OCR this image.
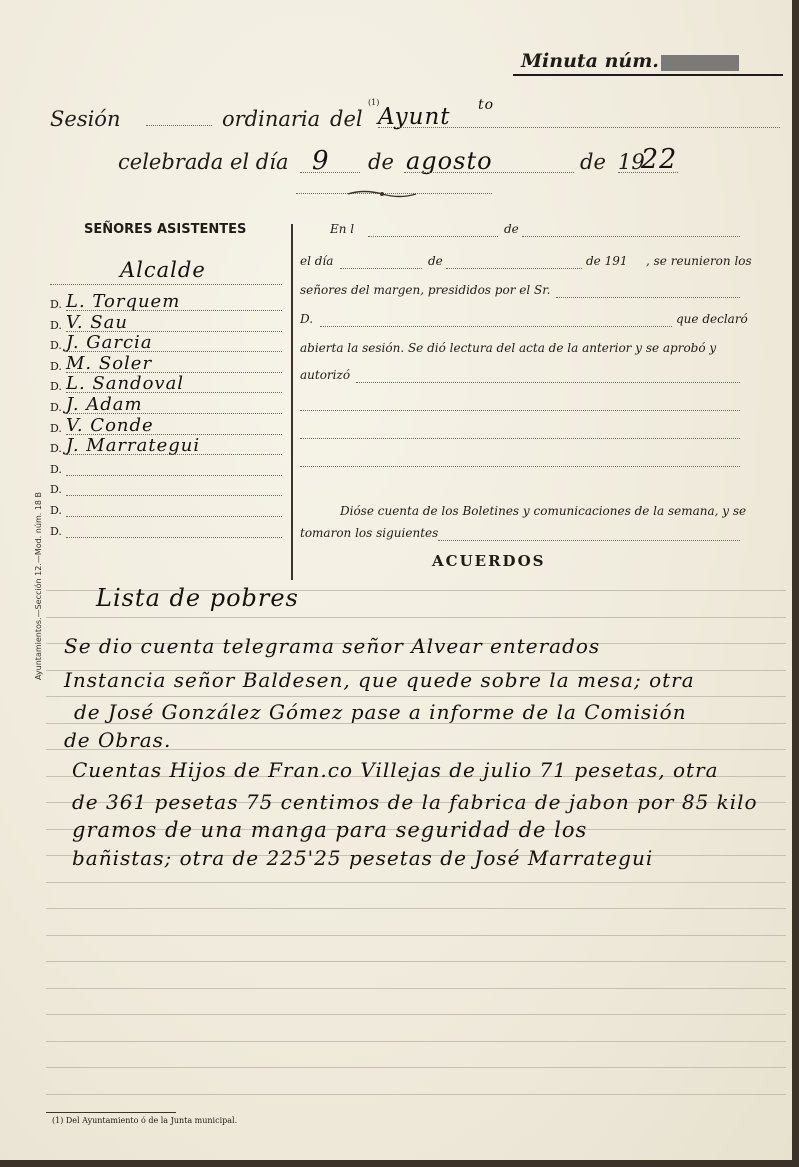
Minuta núm.
Sesión	ordinaria del
(1)
Ayunt to
celebrada el día 9 de agosto	de 19
22
SEÑORES ASISTENTES
Alcalde
D. L. Torquem
D. V. Sau
D. J. Garcia
D. M. Soler
D. L. Sandoval
D. J. Adam
D. V. Conde
D. J. Marrategui
D.
D.
D.
D.
En l	de
el día	de	de 191 , se reunieron los
señores del margen, presididos por el Sr.
D.	que declaró
abierta la sesión. Se dió lectura del acta de la anterior y se aprobó y
autorizó
Dióse cuenta de los Boletines y comunicaciones de la semana, y se
tomaron los siguientes
ACUERDOS
Ayuntamientos.—Sección 12.—Mod. núm. 18 B Lista de pobres
Se dio cuenta telegrama señor Alvear enterados
Instancia señor Baldesen, que quede sobre la mesa; otra
de José González Gómez pase a informe de la Comisión
de Obras.
Cuentas Hijos de Fran.co Villejas de julio 71 pesetas, otra
de 361 pesetas 75 centimos de la fabrica de jabon por 85 kilo
gramos de una manga para seguridad de los
bañistas; otra de 225'25 pesetas de José Marrategui
(1) Del Ayuntamiento ó de la Junta municipal.
